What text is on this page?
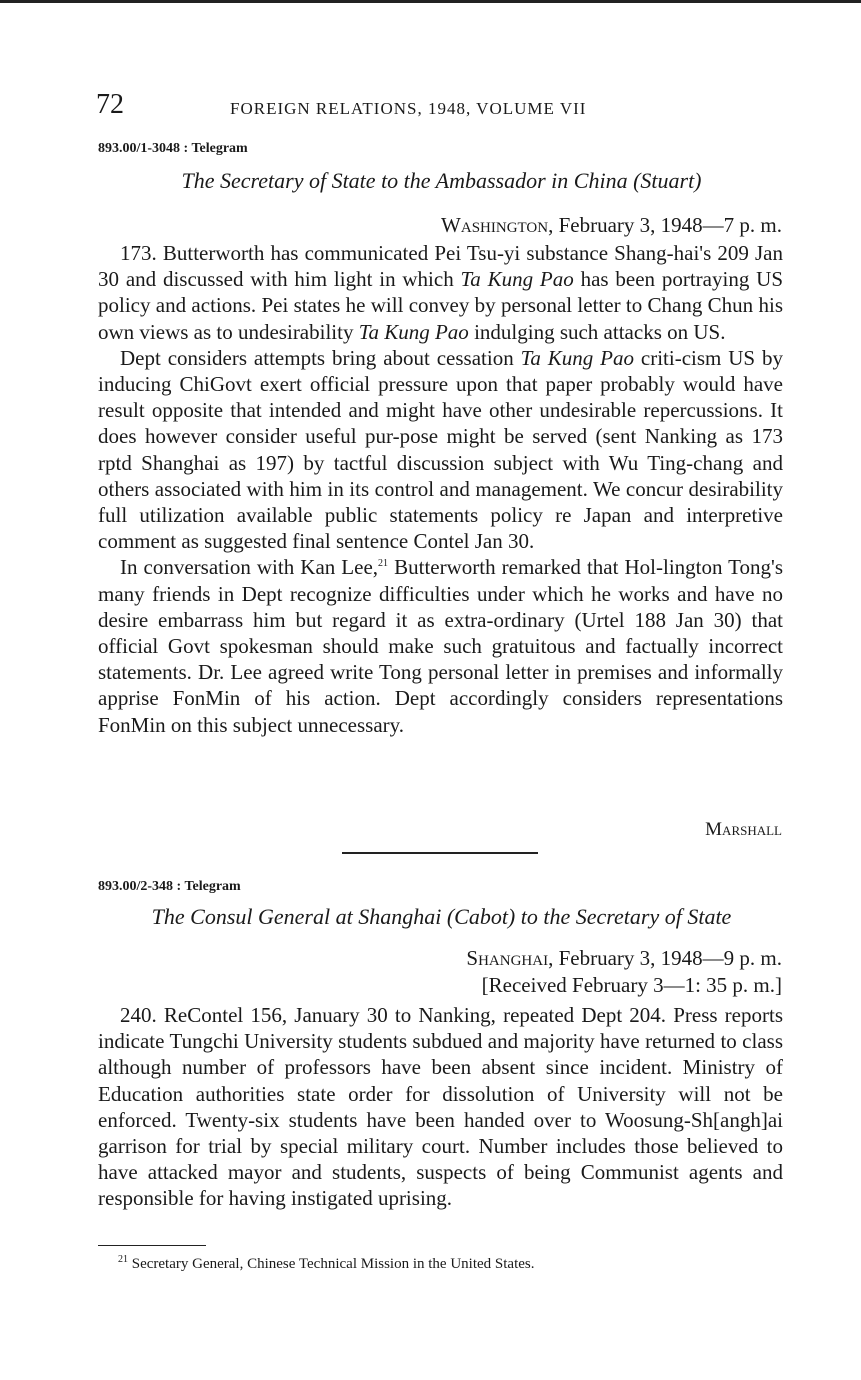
72	FOREIGN RELATIONS, 1948, VOLUME VII
893.00/1-3048 : Telegram
The Secretary of State to the Ambassador in China (Stuart)
Washington, February 3, 1948—7 p. m.

173. Butterworth has communicated Pei Tsu-yi substance Shang-hai's 209 Jan 30 and discussed with him light in which Ta Kung Pao has been portraying US policy and actions. Pei states he will convey by personal letter to Chang Chun his own views as to undesirability Ta Kung Pao indulging such attacks on US.

Dept considers attempts bring about cessation Ta Kung Pao criti-cism US by inducing ChiGovt exert official pressure upon that paper probably would have result opposite that intended and might have other undesirable repercussions. It does however consider useful pur-pose might be served (sent Nanking as 173 rptd Shanghai as 197) by tactful discussion subject with Wu Ting-chang and others associated with him in its control and management. We concur desirability full utilization available public statements policy re Japan and interpretive comment as suggested final sentence Contel Jan 30.

In conversation with Kan Lee,$^{21}$ Butterworth remarked that Hol-lington Tong's many friends in Dept recognize difficulties under which he works and have no desire embarrass him but regard it as extra-ordinary (Urtel 188 Jan 30) that official Govt spokesman should make such gratuitous and factually incorrect statements. Dr. Lee agreed write Tong personal letter in premises and informally apprise FonMin of his action. Dept accordingly considers representations FonMin on this subject unnecessary.

Marshall
893.00/2-348 : Telegram
The Consul General at Shanghai (Cabot) to the Secretary of State
Shanghai, February 3, 1948—9 p. m.
[Received February 3—1: 35 p. m.]

240. ReContel 156, January 30 to Nanking, repeated Dept 204. Press reports indicate Tungchi University students subdued and majority have returned to class although number of professors have been absent since incident. Ministry of Education authorities state order for dissolution of University will not be enforced. Twenty-six students have been handed over to Woosung-Sh[angh]ai garrison for trial by special military court. Number includes those believed to have attacked mayor and students, suspects of being Communist agents and responsible for having instigated uprising.

$^{21}$ Secretary General, Chinese Technical Mission in the United States.
